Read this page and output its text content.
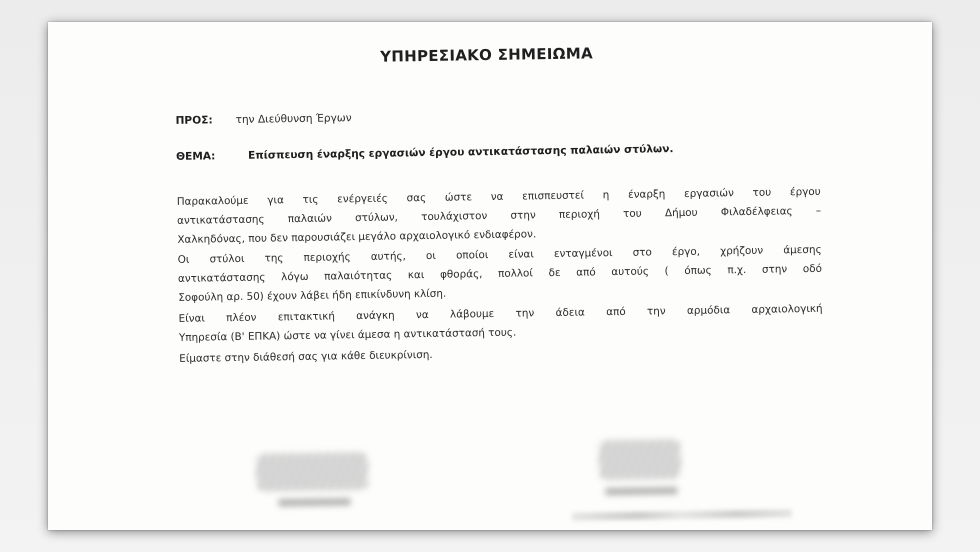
ΥΠΗΡΕΣΙΑΚΟ ΣΗΜΕΙΩΜΑ
ΠΡΟΣ: την Διεύθυνση Έργων
ΘΕΜΑ:	Επίσπευση έναρξης εργασιών έργου αντικατάστασης παλαιών στύλων.
Παρακαλούμε για τις ενέργειές σας ώστε να επισπευστεί η έναρξη εργασιών του έργου
αντικατάστασης παλαιών στύλων, τουλάχιστον στην περιοχή του Δήμου Φιλαδέλφειας –
Χαλκηδόνας, που δεν παρουσιάζει μεγάλο αρχαιολογικό ενδιαφέρον.
Οι στύλοι της περιοχής αυτής, οι οποίοι είναι ενταγμένοι στο έργο, χρήζουν άμεσης
αντικατάστασης λόγω παλαιότητας και φθοράς, πολλοί δε από αυτούς ( όπως π.χ. στην οδό
Σοφούλη αρ. 50) έχουν λάβει ήδη επικίνδυνη κλίση.
Είναι πλέον επιτακτική ανάγκη να λάβουμε την άδεια από την αρμόδια αρχαιολογική
Υπηρεσία (Β' ΕΠΚΑ) ώστε να γίνει άμεσα η αντικατάστασή τους.
Είμαστε στην διάθεσή σας για κάθε διευκρίνιση.
